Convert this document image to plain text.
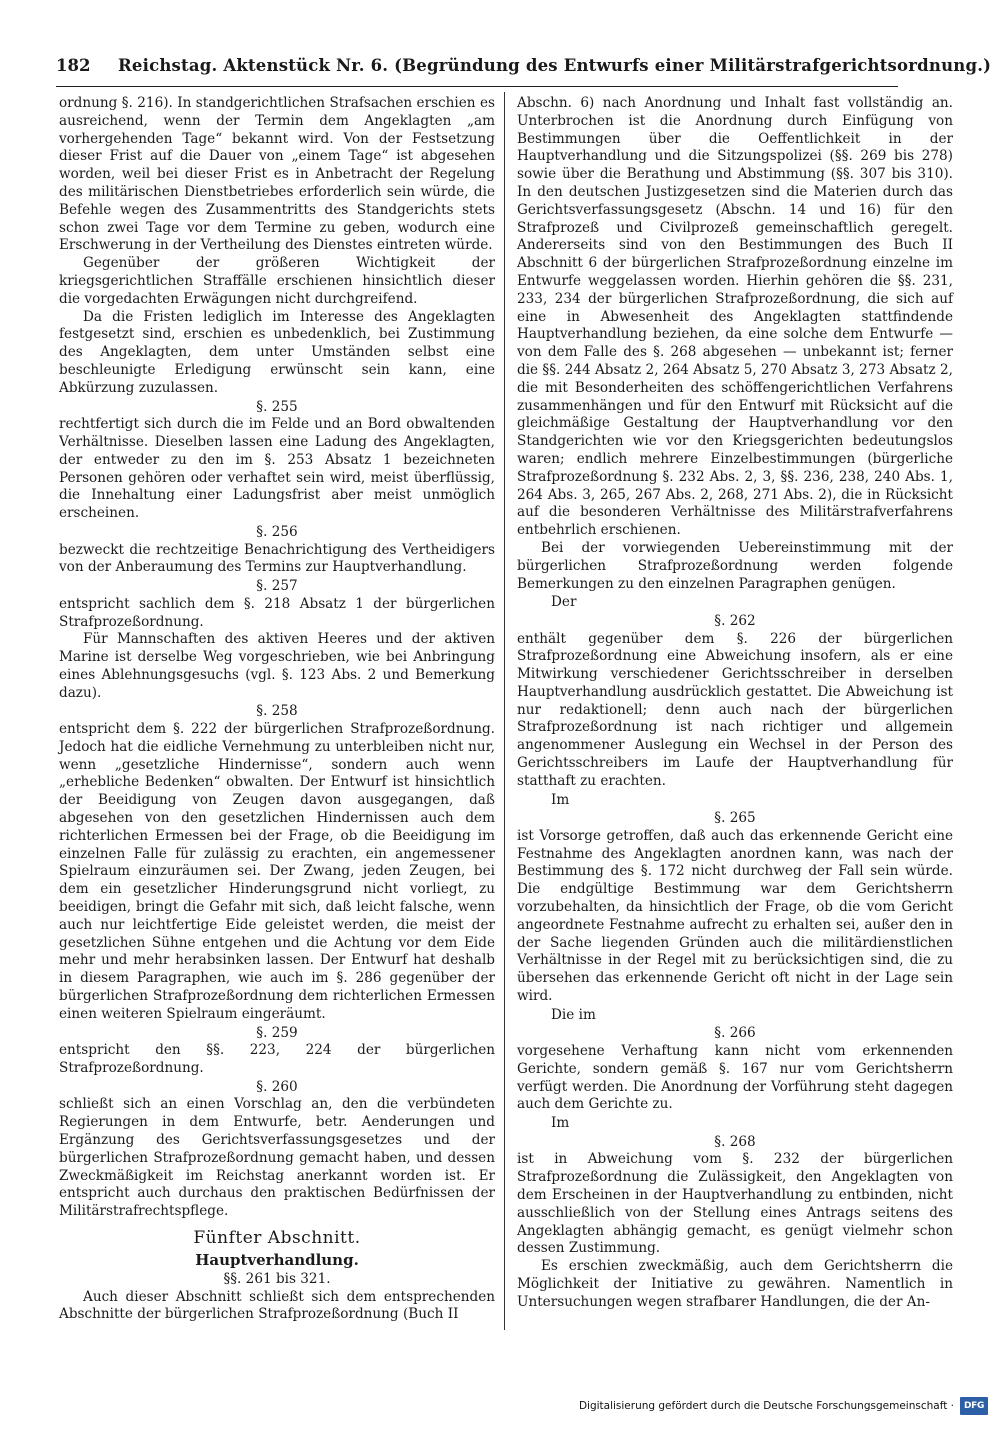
182 Reichstag. Aktenstück Nr. 6. (Begründung des Entwurfs einer Militärstrafgerichtsordnung.)

ordnung §. 216). In standgerichtlichen Strafsachen erschien es ausreichend, wenn der Termin dem Angeklagten „am vorhergehenden Tage“ bekannt wird. Von der Festsetzung dieser Frist auf die Dauer von „einem Tage“ ist abgesehen worden, weil bei dieser Frist es in Anbetracht der Regelung des militärischen Dienstbetriebes erforderlich sein würde, die Befehle wegen des Zusammentritts des Standgerichts stets schon zwei Tage vor dem Termine zu geben, wodurch eine Erschwerung in der Vertheilung des Dienstes eintreten würde.

Gegenüber der größeren Wichtigkeit der kriegsgerichtlichen Straffälle erschienen hinsichtlich dieser die vorgedachten Erwägungen nicht durchgreifend.

Da die Fristen lediglich im Interesse des Angeklagten festgesetzt sind, erschien es unbedenklich, bei Zustimmung des Angeklagten, dem unter Umständen selbst eine beschleunigte Erledigung erwünscht sein kann, eine Abkürzung zuzulassen.

§. 255

rechtfertigt sich durch die im Felde und an Bord obwaltenden Verhältnisse. Dieselben lassen eine Ladung des Angeklagten, der entweder zu den im §. 253 Absatz 1 bezeichneten Personen gehören oder verhaftet sein wird, meist überflüssig, die Innehaltung einer Ladungsfrist aber meist unmöglich erscheinen.

§. 256

bezweckt die rechtzeitige Benachrichtigung des Vertheidigers von der Anberaumung des Termins zur Hauptverhandlung.

§. 257

entspricht sachlich dem §. 218 Absatz 1 der bürgerlichen Strafprozeßordnung.

Für Mannschaften des aktiven Heeres und der aktiven Marine ist derselbe Weg vorgeschrieben, wie bei Anbringung eines Ablehnungsgesuchs (vgl. §. 123 Abs. 2 und Bemerkung dazu).

§. 258

entspricht dem §. 222 der bürgerlichen Strafprozeßordnung. Jedoch hat die eidliche Vernehmung zu unterbleiben nicht nur, wenn „gesetzliche Hindernisse“, sondern auch wenn „erhebliche Bedenken“ obwalten. Der Entwurf ist hinsichtlich der Beeidigung von Zeugen davon ausgegangen, daß abgesehen von den gesetzlichen Hindernissen auch dem richterlichen Ermessen bei der Frage, ob die Beeidigung im einzelnen Falle für zulässig zu erachten, ein angemessener Spielraum einzuräumen sei. Der Zwang, jeden Zeugen, bei dem ein gesetzlicher Hinderungsgrund nicht vorliegt, zu beeidigen, bringt die Gefahr mit sich, daß leicht falsche, wenn auch nur leichtfertige Eide geleistet werden, die meist der gesetzlichen Sühne entgehen und die Achtung vor dem Eide mehr und mehr herabsinken lassen. Der Entwurf hat deshalb in diesem Paragraphen, wie auch im §. 286 gegenüber der bürgerlichen Strafprozeßordnung dem richterlichen Ermessen einen weiteren Spielraum eingeräumt.

§. 259

entspricht den §§. 223, 224 der bürgerlichen Strafprozeßordnung.

§. 260

schließt sich an einen Vorschlag an, den die verbündeten Regierungen in dem Entwurfe, betr. Aenderungen und Ergänzung des Gerichtsverfassungsgesetzes und der bürgerlichen Strafprozeßordnung gemacht haben, und dessen Zweckmäßigkeit im Reichstag anerkannt worden ist. Er entspricht auch durchaus den praktischen Bedürfnissen der Militärstrafrechtspflege.

Fünfter Abschnitt.
Hauptverhandlung.
§§. 261 bis 321.

Auch dieser Abschnitt schließt sich dem entsprechenden Abschnitte der bürgerlichen Strafprozeßordnung (Buch II

Abschn. 6) nach Anordnung und Inhalt fast vollständig an. Unterbrochen ist die Anordnung durch Einfügung von Bestimmungen über die Oeffentlichkeit in der Hauptverhandlung und die Sitzungspolizei (§§. 269 bis 278) sowie über die Berathung und Abstimmung (§§. 307 bis 310). In den deutschen Justizgesetzen sind die Materien durch das Gerichtsverfassungsgesetz (Abschn. 14 und 16) für den Strafprozeß und Civilprozeß gemeinschaftlich geregelt. Andererseits sind von den Bestimmungen des Buch II Abschnitt 6 der bürgerlichen Strafprozeßordnung einzelne im Entwurfe weggelassen worden. Hierhin gehören die §§. 231, 233, 234 der bürgerlichen Strafprozeßordnung, die sich auf eine in Abwesenheit des Angeklagten stattfindende Hauptverhandlung beziehen, da eine solche dem Entwurfe — von dem Falle des §. 268 abgesehen — unbekannt ist; ferner die §§. 244 Absatz 2, 264 Absatz 5, 270 Absatz 3, 273 Absatz 2, die mit Besonderheiten des schöffengerichtlichen Verfahrens zusammenhängen und für den Entwurf mit Rücksicht auf die gleichmäßige Gestaltung der Hauptverhandlung vor den Standgerichten wie vor den Kriegsgerichten bedeutungslos waren; endlich mehrere Einzelbestimmungen (bürgerliche Strafprozeßordnung §. 232 Abs. 2, 3, §§. 236, 238, 240 Abs. 1, 264 Abs. 3, 265, 267 Abs. 2, 268, 271 Abs. 2), die in Rücksicht auf die besonderen Verhältnisse des Militärstrafverfahrens entbehrlich erschienen.

Bei der vorwiegenden Uebereinstimmung mit der bürgerlichen Strafprozeßordnung werden folgende Bemerkungen zu den einzelnen Paragraphen genügen.

Der
§. 262

enthält gegenüber dem §. 226 der bürgerlichen Strafprozeßordnung eine Abweichung insofern, als er eine Mitwirkung verschiedener Gerichtsschreiber in derselben Hauptverhandlung ausdrücklich gestattet. Die Abweichung ist nur redaktionell; denn auch nach der bürgerlichen Strafprozeßordnung ist nach richtiger und allgemein angenommener Auslegung ein Wechsel in der Person des Gerichtsschreibers im Laufe der Hauptverhandlung für statthaft zu erachten.

Im
§. 265

ist Vorsorge getroffen, daß auch das erkennende Gericht eine Festnahme des Angeklagten anordnen kann, was nach der Bestimmung des §. 172 nicht durchweg der Fall sein würde. Die endgültige Bestimmung war dem Gerichtsherrn vorzubehalten, da hinsichtlich der Frage, ob die vom Gericht angeordnete Festnahme aufrecht zu erhalten sei, außer den in der Sache liegenden Gründen auch die militärdienstlichen Verhältnisse in der Regel mit zu berücksichtigen sind, die zu übersehen das erkennende Gericht oft nicht in der Lage sein wird.

Die im
§. 266

vorgesehene Verhaftung kann nicht vom erkennenden Gerichte, sondern gemäß §. 167 nur vom Gerichtsherrn verfügt werden. Die Anordnung der Vorführung steht dagegen auch dem Gerichte zu.

Im
§. 268

ist in Abweichung vom §. 232 der bürgerlichen Strafprozeßordnung die Zulässigkeit, den Angeklagten von dem Erscheinen in der Hauptverhandlung zu entbinden, nicht ausschließlich von der Stellung eines Antrags seitens des Angeklagten abhängig gemacht, es genügt vielmehr schon dessen Zustimmung.

Es erschien zweckmäßig, auch dem Gerichtsherrn die Möglichkeit der Initiative zu gewähren. Namentlich in Untersuchungen wegen strafbarer Handlungen, die der An-

Digitalisierung gefördert durch die Deutsche Forschungsgemeinschaft ·	DFG
